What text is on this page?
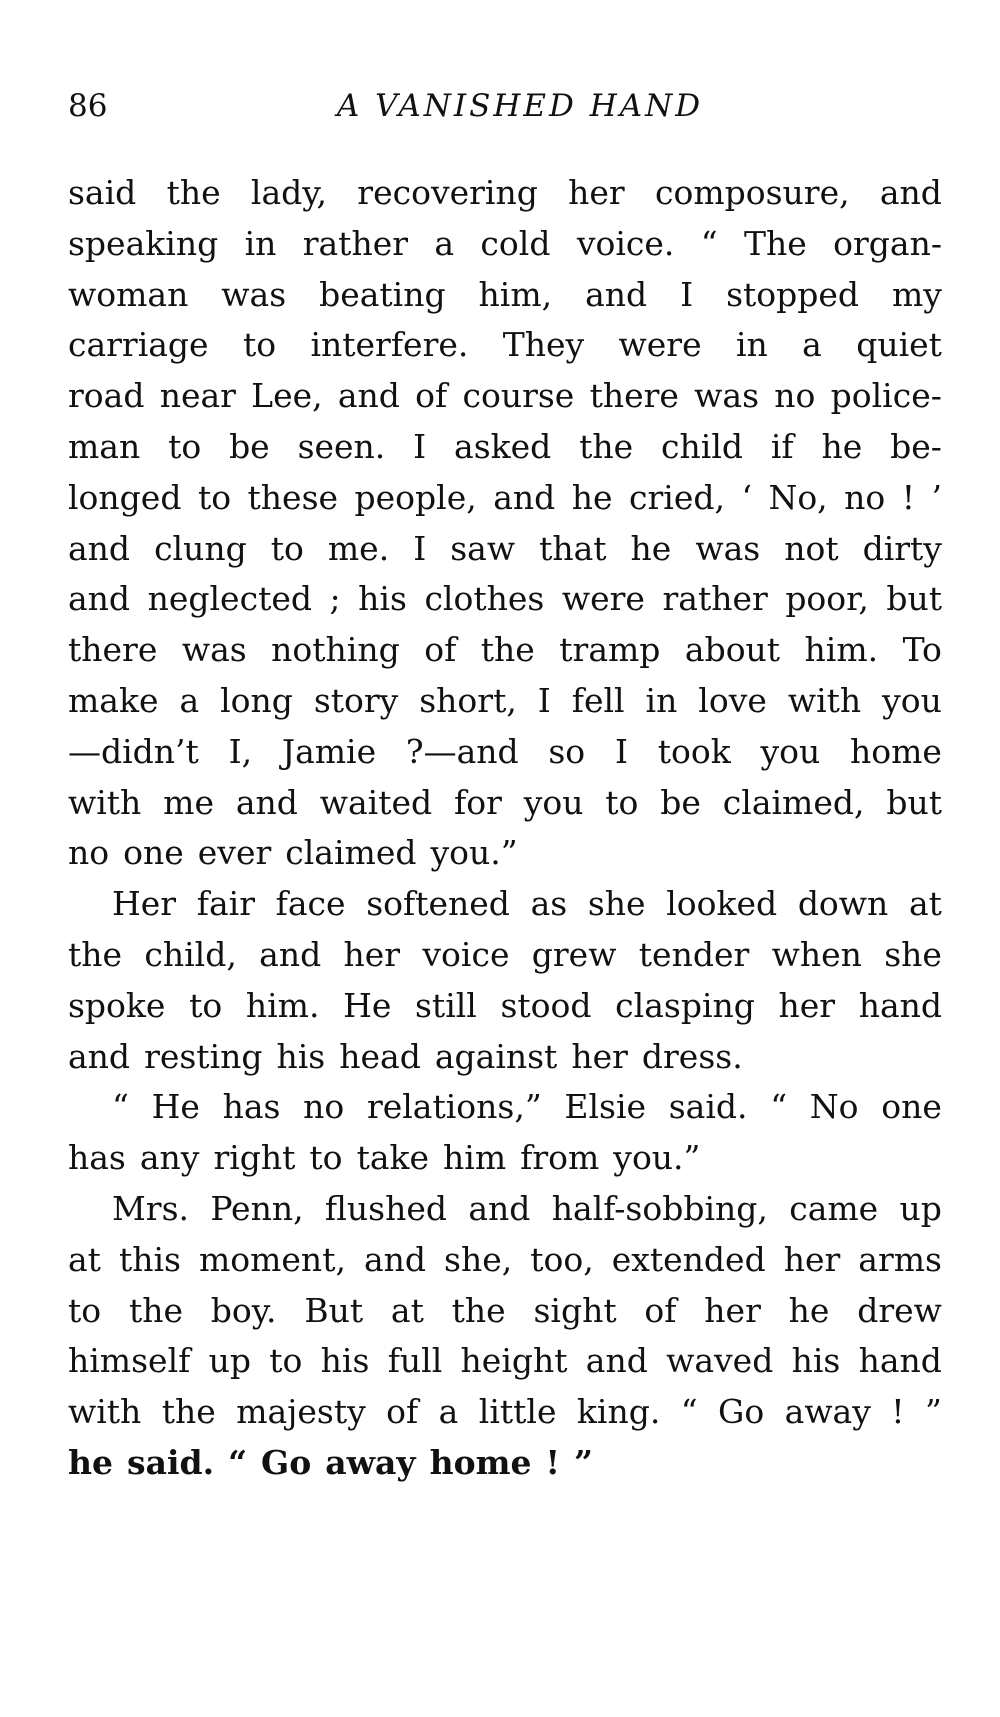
86	A VANISHED HAND
said the lady, recovering her composure, and
speaking in rather a cold voice. “ The organ-
woman was beating him, and I stopped my
carriage to interfere. They were in a quiet
road near Lee, and of course there was no police-
man to be seen. I asked the child if he be-
longed to these people, and he cried, ‘ No, no ! ’
and clung to me. I saw that he was not dirty
and neglected ; his clothes were rather poor, but
there was nothing of the tramp about him. To
make a long story short, I fell in love with you
—didn’t I, Jamie ?—and so I took you home
with me and waited for you to be claimed, but
no one ever claimed you.”
Her fair face softened as she looked down at
the child, and her voice grew tender when she
spoke to him. He still stood clasping her hand
and resting his head against her dress.
“ He has no relations,” Elsie said. “ No one
has any right to take him from you.”
Mrs. Penn, flushed and half-sobbing, came up
at this moment, and she, too, extended her arms
to the boy. But at the sight of her he drew
himself up to his full height and waved his hand
with the majesty of a little king. “ Go away ! ”
he said. “ Go away home ! ”
